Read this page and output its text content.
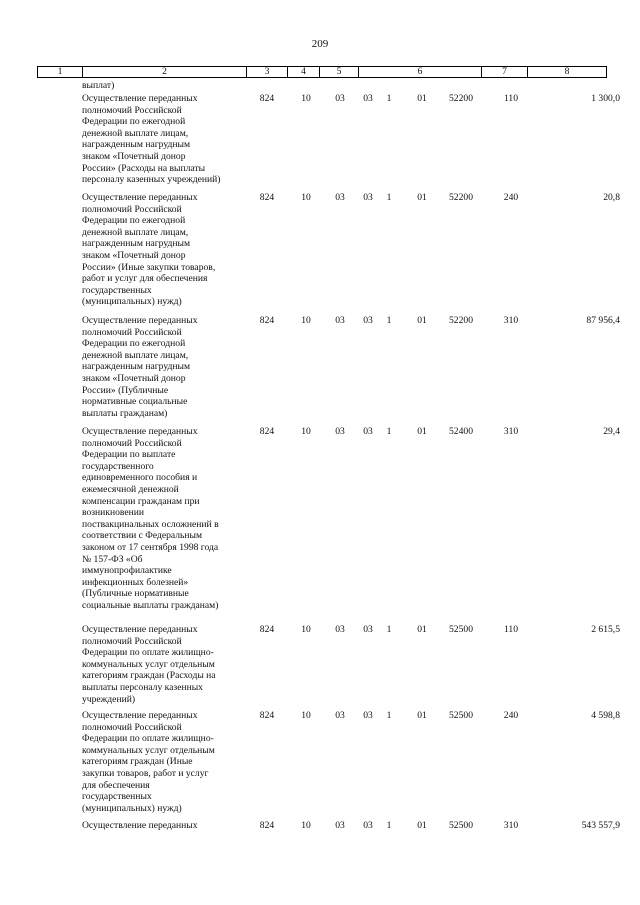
209
1	2	3	4	5	6	7	8
выплат)
Осуществление переданных
полномочий Российской
Федерации по ежегодной
денежной выплате лицам,
награжденным нагрудным
знаком «Почетный донор
России» (Расходы на выплаты
персоналу казенных учреждений)
824	10	03	03 1	01	52200	110	1 300,0
Осуществление переданных
полномочий Российской
Федерации по ежегодной
денежной выплате лицам,
награжденным нагрудным
знаком «Почетный донор
России» (Иные закупки товаров,
работ и услуг для обеспечения
государственных
(муниципальных) нужд)
824	10	03	03 1	01	52200	240	20,8
Осуществление переданных
полномочий Российской
Федерации по ежегодной
денежной выплате лицам,
награжденным нагрудным
знаком «Почетный донор
России» (Публичные
нормативные социальные
выплаты гражданам)
824	10	03	03 1	01	52200	310	87 956,4
Осуществление переданных
полномочий Российской
Федерации по выплате
государственного
единовременного пособия и
ежемесячной денежной
компенсации гражданам при
возникновении
поствакцинальных осложнений в
соответствии с Федеральным
законом от 17 сентября 1998 года
№ 157-ФЗ «Об
иммунопрофилактике
инфекционных болезней»
(Публичные нормативные
социальные выплаты гражданам)
824	10	03	03 1	01	52400	310	29,4
Осуществление переданных
полномочий Российской
Федерации по оплате жилищно-
коммунальных услуг отдельным
категориям граждан (Расходы на
выплаты персоналу казенных
учреждений)
824	10	03	03 1	01	52500	110	2 615,5
Осуществление переданных
полномочий Российской
Федерации по оплате жилищно-
коммунальных услуг отдельным
категориям граждан (Иные
закупки товаров, работ и услуг
для обеспечения
государственных
(муниципальных) нужд)
824	10	03	03 1	01	52500	240	4 598,8
Осуществление переданных	824	10	03	03 1	01	52500	310	543 557,9
